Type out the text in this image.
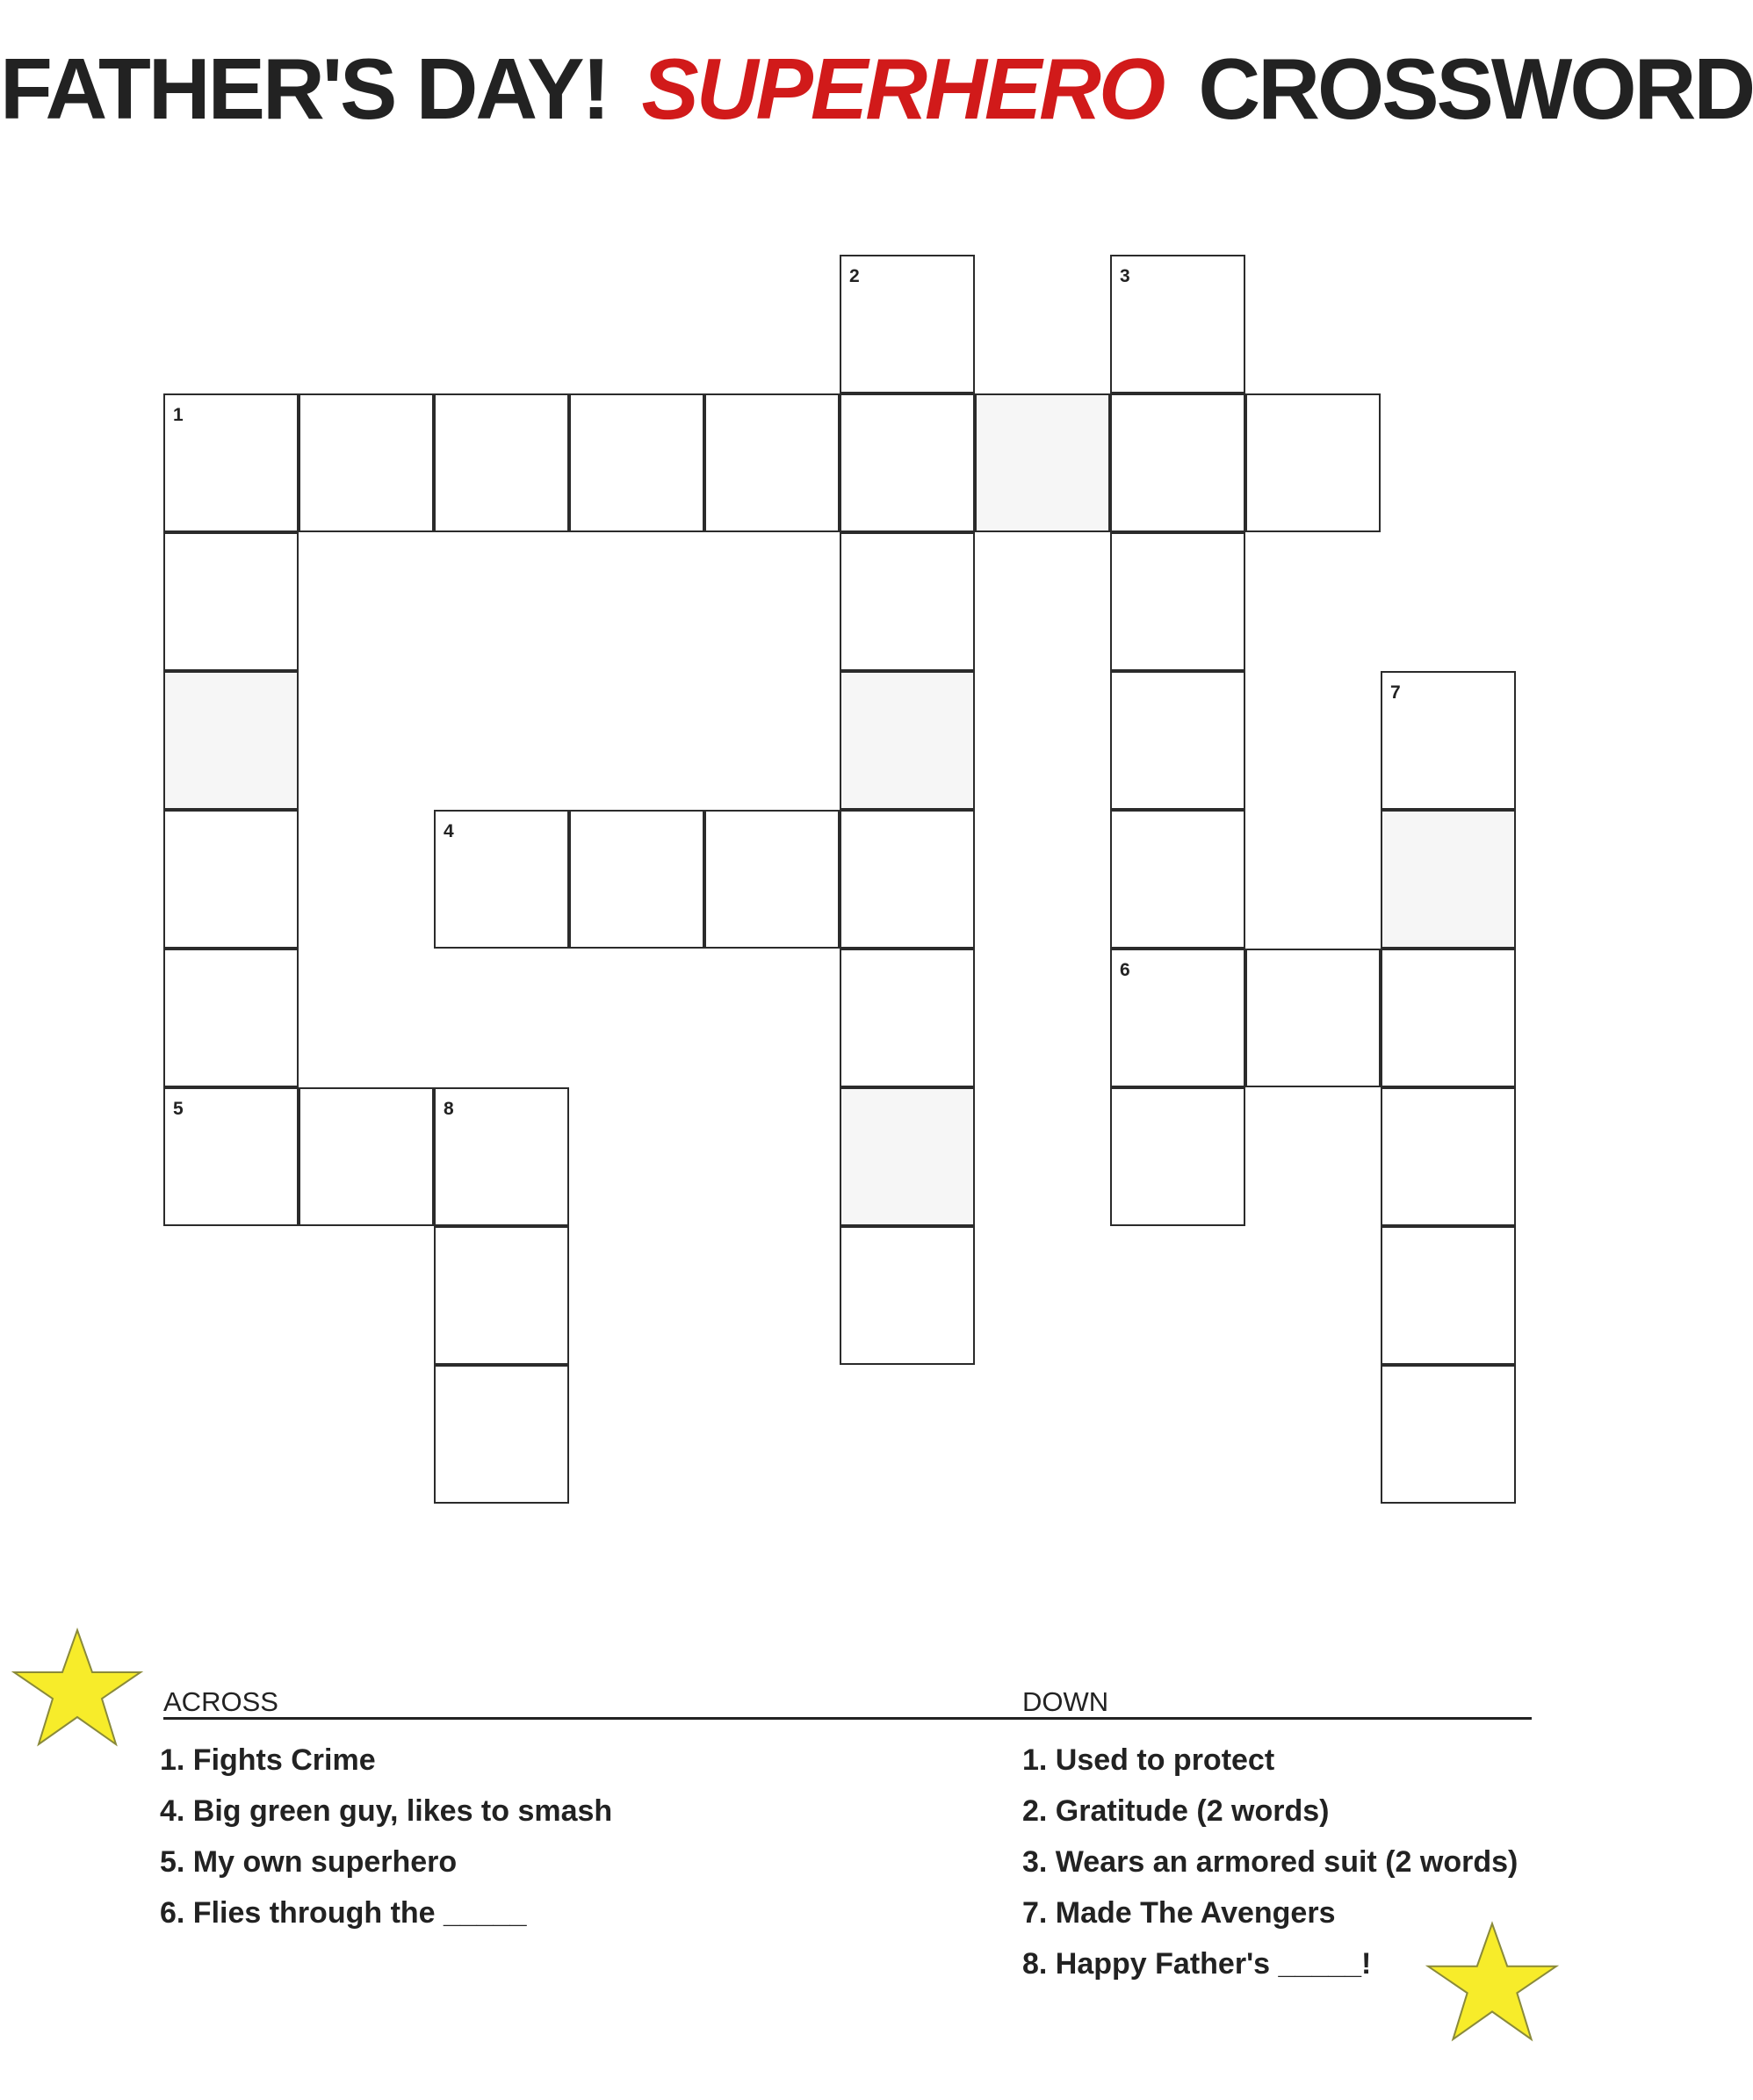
FATHER'S DAY! SUPERHERO CROSSWORD
2	3
1
7
4
6
5	8
ACROSS
1. Fights Crime
4. Big green guy, likes to smash
5. My own superhero
6. Flies through the _____
DOWN
1. Used to protect
2. Gratitude (2 words)
3. Wears an armored suit (2 words)
7. Made The Avengers
8. Happy Father's _____!
